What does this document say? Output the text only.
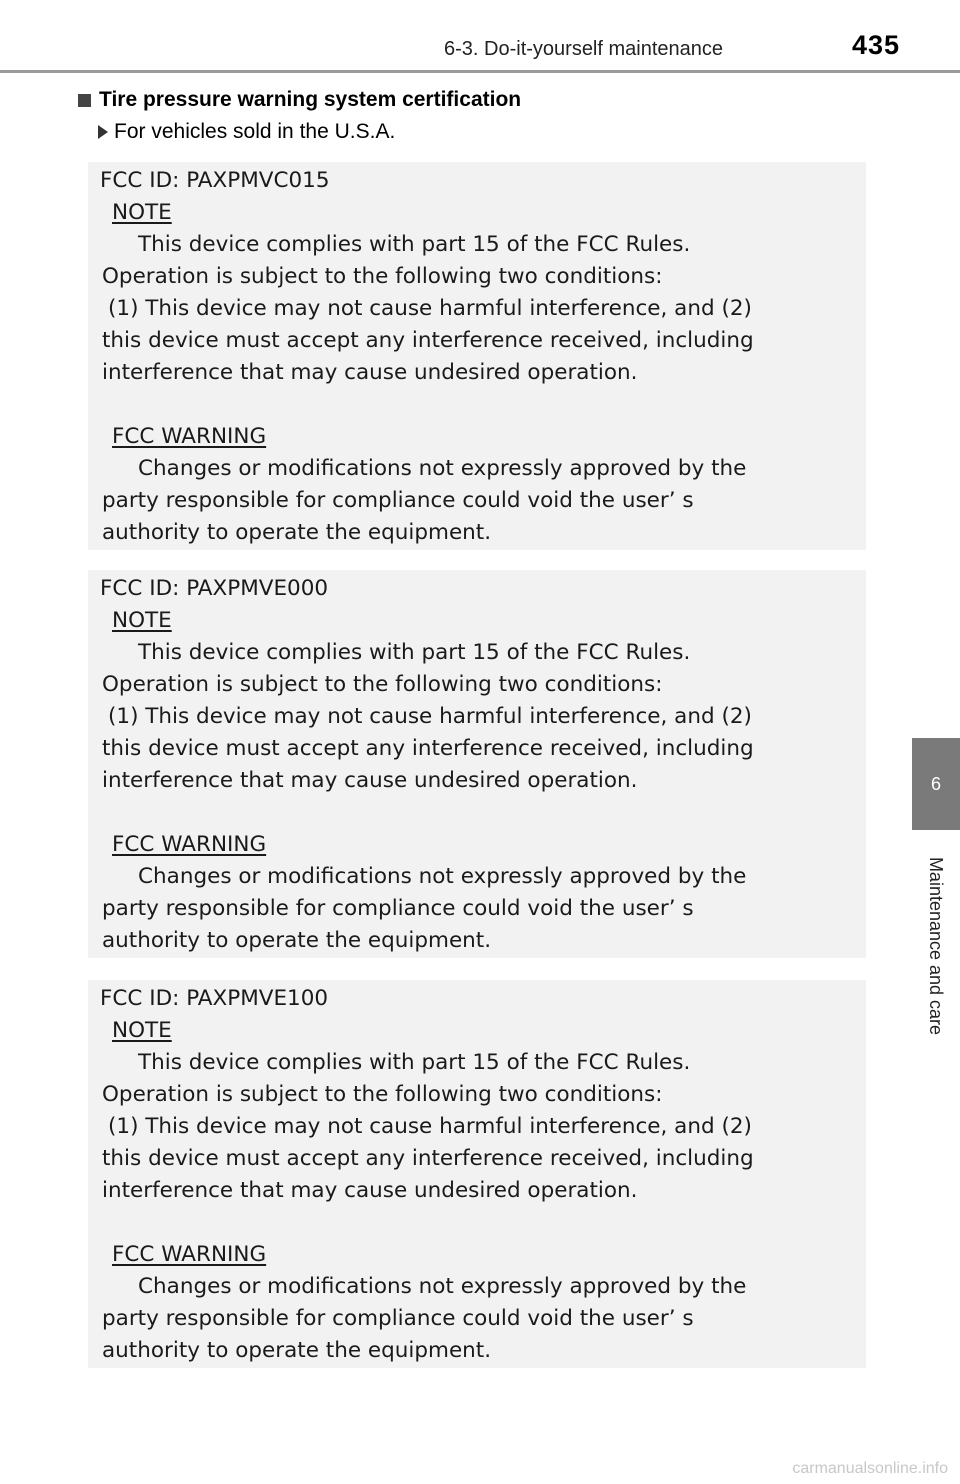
6-3. Do-it-yourself maintenance	435
6
Maintenance and care
Tire pressure warning system certification
For vehicles sold in the U.S.A.
FCC ID: PAXPMVC015
NOTE
This device complies with part 15 of the FCC Rules.
Operation is subject to the following two conditions:
(1) This device may not cause harmful interference, and (2)
this device must accept any interference received, including
interference that may cause undesired operation.
FCC WARNING
Changes or modifications not expressly approved by the
party responsible for compliance could void the user’ s
authority to operate the equipment.
FCC ID: PAXPMVE000
NOTE
This device complies with part 15 of the FCC Rules.
Operation is subject to the following two conditions:
(1) This device may not cause harmful interference, and (2)
this device must accept any interference received, including
interference that may cause undesired operation.
FCC WARNING
Changes or modifications not expressly approved by the
party responsible for compliance could void the user’ s
authority to operate the equipment.
FCC ID: PAXPMVE100
NOTE
This device complies with part 15 of the FCC Rules.
Operation is subject to the following two conditions:
(1) This device may not cause harmful interference, and (2)
this device must accept any interference received, including
interference that may cause undesired operation.
FCC WARNING
Changes or modifications not expressly approved by the
party responsible for compliance could void the user’ s
authority to operate the equipment.
carmanualsonline.info
